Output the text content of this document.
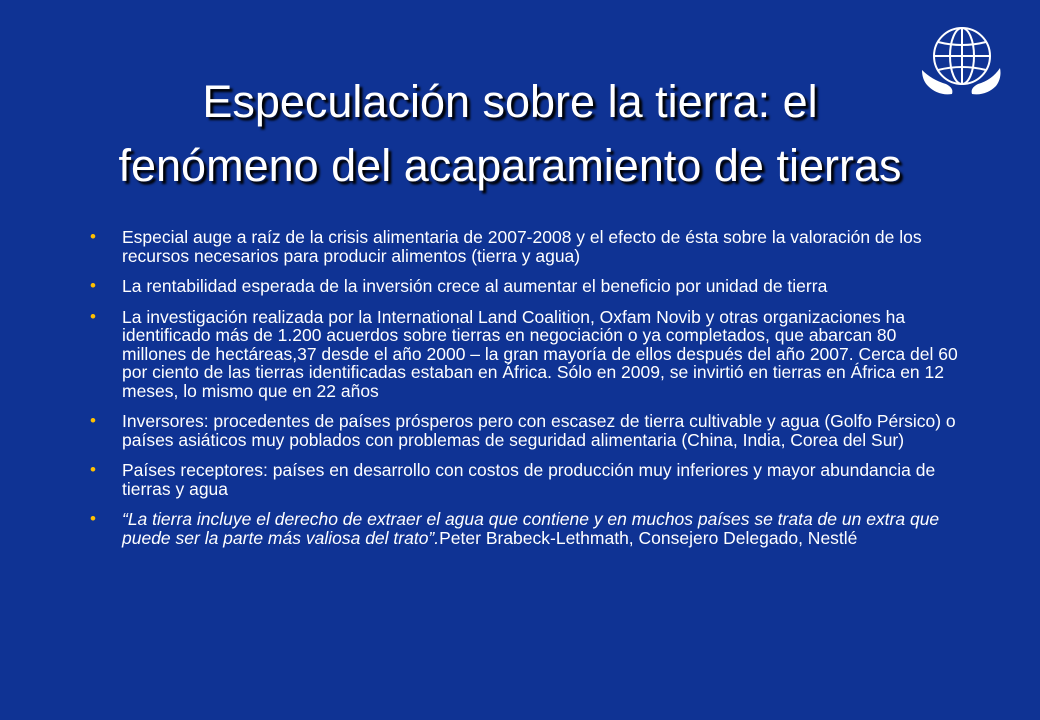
Especulación sobre la tierra: el
fenómeno del acaparamiento de tierras
• Especial auge a raíz de la crisis alimentaria de 2007-2008 y el efecto de ésta sobre la valoración de los recursos necesarios para producir alimentos (tierra y agua)
• La rentabilidad esperada de la inversión crece al aumentar el beneficio por unidad de tierra
• La investigación realizada por la International Land Coalition, Oxfam Novib y otras organizaciones ha identificado más de 1.200 acuerdos sobre tierras en negociación o ya completados, que abarcan 80 millones de hectáreas,37 desde el año 2000 – la gran mayoría de ellos después del año 2007. Cerca del 60 por ciento de las tierras identificadas estaban en África. Sólo en 2009, se invirtió en tierras en África en 12 meses, lo mismo que en 22 años
• Inversores: procedentes de países prósperos pero con escasez de tierra cultivable y agua (Golfo Pérsico) o países asiáticos muy poblados con problemas de seguridad alimentaria (China, India, Corea del Sur)
• Países receptores: países en desarrollo con costos de producción muy inferiores y mayor abundancia de tierras y agua
• “La tierra incluye el derecho de extraer el agua que contiene y en muchos países se trata de un extra que puede ser la parte más valiosa del trato”.Peter Brabeck-Lethmath, Consejero Delegado, Nestlé
